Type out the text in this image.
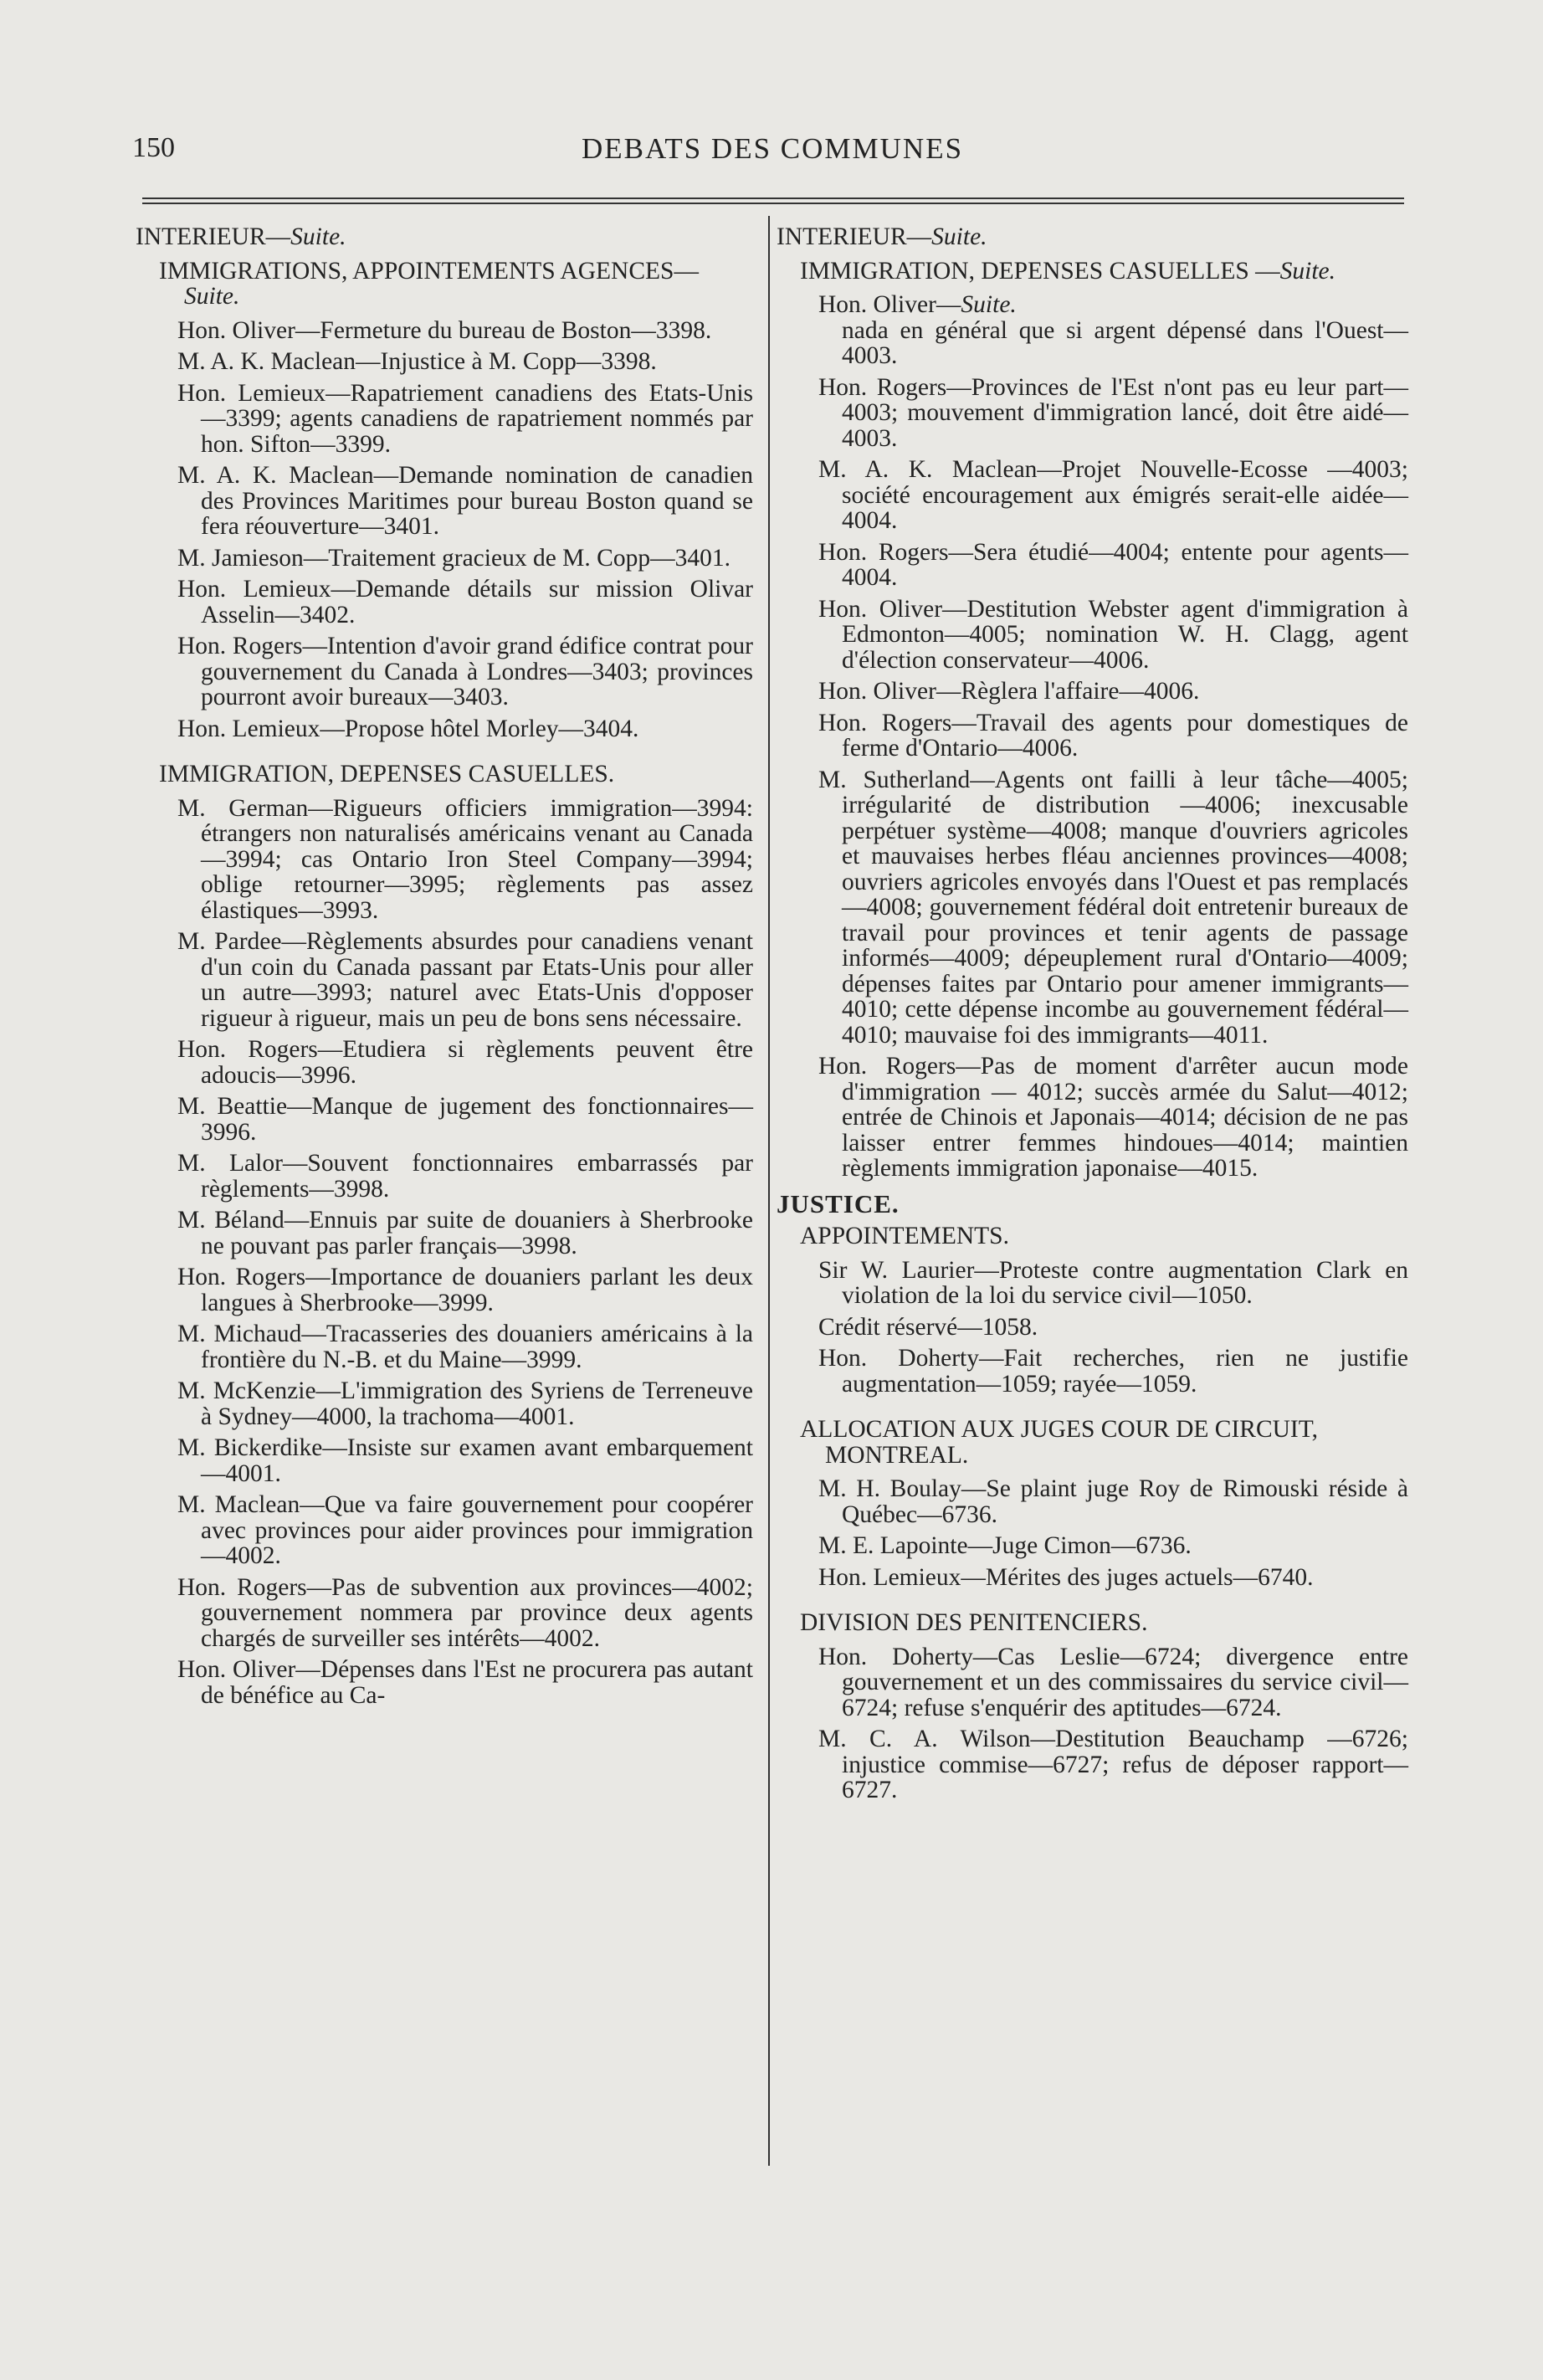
150	DEBATS DES COMMUNES
INTERIEUR—Suite.
IMMIGRATIONS, APPOINTEMENTS AGENCES—Suite.

Hon. Oliver—Fermeture du bureau de Boston—3398.

M. A. K. Maclean—Injustice à M. Copp—3398.

Hon. Lemieux—Rapatriement canadiens des Etats-Unis—3399; agents canadiens de rapatriement nommés par hon. Sifton—3399.

M. A. K. Maclean—Demande nomination de canadien des Provinces Maritimes pour bureau Boston quand se fera réouverture—3401.

M. Jamieson—Traitement gracieux de M. Copp—3401.

Hon. Lemieux—Demande détails sur mission Olivar Asselin—3402.

Hon. Rogers—Intention d'avoir grand édifice contrat pour gouvernement du Canada à Londres—3403; provinces pourront avoir bureaux—3403.

Hon. Lemieux—Propose hôtel Morley—3404.

IMMIGRATION, DEPENSES CASUELLES.

M. German—Rigueurs officiers immigration—3994: étrangers non naturalisés américains venant au Canada—3994; cas Ontario Iron Steel Company—3994; oblige retourner—3995; règlements pas assez élastiques—3993.

M. Pardee—Règlements absurdes pour canadiens venant d'un coin du Canada passant par Etats-Unis pour aller un autre—3993; naturel avec Etats-Unis d'opposer rigueur à rigueur, mais un peu de bons sens nécessaire.

Hon. Rogers—Etudiera si règlements peuvent être adoucis—3996.

M. Beattie—Manque de jugement des fonctionnaires—3996.

M. Lalor—Souvent fonctionnaires embarrassés par règlements—3998.

M. Béland—Ennuis par suite de douaniers à Sherbrooke ne pouvant pas parler français—3998.

Hon. Rogers—Importance de douaniers parlant les deux langues à Sherbrooke—3999.

M. Michaud—Tracasseries des douaniers américains à la frontière du N.-B. et du Maine—3999.

M. McKenzie—L'immigration des Syriens de Terreneuve à Sydney—4000, la trachoma—4001.

M. Bickerdike—Insiste sur examen avant embarquement—4001.

M. Maclean—Que va faire gouvernement pour coopérer avec provinces pour aider provinces pour immigration—4002.

Hon. Rogers—Pas de subvention aux provinces—4002; gouvernement nommera par province deux agents chargés de surveiller ses intérêts—4002.

Hon. Oliver—Dépenses dans l'Est ne procurera pas autant de bénéfice au Ca-

INTERIEUR—Suite.
IMMIGRATION, DEPENSES CASUELLES —Suite.

Hon. Oliver—Suite.
nada en général que si argent dépensé dans l'Ouest—4003.

Hon. Rogers—Provinces de l'Est n'ont pas eu leur part—4003; mouvement d'immigration lancé, doit être aidé—4003.

M. A. K. Maclean—Projet Nouvelle-Ecosse —4003; société encouragement aux émigrés serait-elle aidée—4004.

Hon. Rogers—Sera étudié—4004; entente pour agents—4004.

Hon. Oliver—Destitution Webster agent d'immigration à Edmonton—4005; nomination W. H. Clagg, agent d'élection conservateur—4006.

Hon. Oliver—Règlera l'affaire—4006.

Hon. Rogers—Travail des agents pour domestiques de ferme d'Ontario—4006.

M. Sutherland—Agents ont failli à leur tâche—4005; irrégularité de distribution —4006; inexcusable perpétuer système—4008; manque d'ouvriers agricoles et mauvaises herbes fléau anciennes provinces—4008; ouvriers agricoles envoyés dans l'Ouest et pas remplacés—4008; gouvernement fédéral doit entretenir bureaux de travail pour provinces et tenir agents de passage informés—4009; dépeuplement rural d'Ontario—4009; dépenses faites par Ontario pour amener immigrants—4010; cette dépense incombe au gouvernement fédéral—4010; mauvaise foi des immigrants—4011.

Hon. Rogers—Pas de moment d'arrêter aucun mode d'immigration — 4012; succès armée du Salut—4012; entrée de Chinois et Japonais—4014; décision de ne pas laisser entrer femmes hindoues—4014; maintien règlements immigration japonaise—4015.

JUSTICE.
APPOINTEMENTS.

Sir W. Laurier—Proteste contre augmentation Clark en violation de la loi du service civil—1050.

Crédit réservé—1058.

Hon. Doherty—Fait recherches, rien ne justifie augmentation—1059; rayée—1059.

ALLOCATION AUX JUGES COUR DE CIRCUIT, MONTREAL.

M. H. Boulay—Se plaint juge Roy de Rimouski réside à Québec—6736.

M. E. Lapointe—Juge Cimon—6736.

Hon. Lemieux—Mérites des juges actuels—6740.

DIVISION DES PENITENCIERS.

Hon. Doherty—Cas Leslie—6724; divergence entre gouvernement et un des commissaires du service civil—6724; refuse s'enquérir des aptitudes—6724.

M. C. A. Wilson—Destitution Beauchamp —6726; injustice commise—6727; refus de déposer rapport—6727.
